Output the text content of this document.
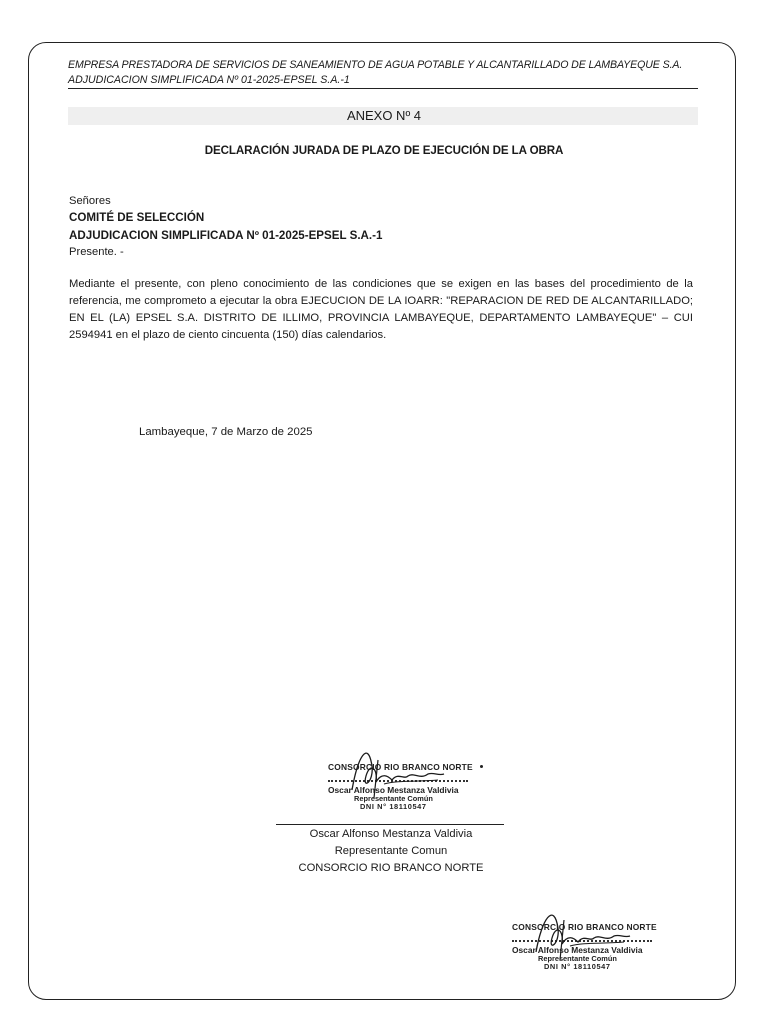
EMPRESA PRESTADORA DE SERVICIOS DE SANEAMIENTO DE AGUA POTABLE Y ALCANTARILLADO DE LAMBAYEQUE S.A.
ADJUDICACION SIMPLIFICADA Nº 01-2025-EPSEL S.A.-1
ANEXO Nº 4
DECLARACIÓN JURADA DE PLAZO DE EJECUCIÓN DE LA OBRA
Señores
COMITÉ DE SELECCIÓN
ADJUDICACION SIMPLIFICADA Nº 01-2025-EPSEL S.A.-1
Presente. -
Mediante el presente, con pleno conocimiento de las condiciones que se exigen en las bases del procedimiento de la referencia, me comprometo a ejecutar la obra EJECUCION DE LA IOARR: "REPARACION DE RED DE ALCANTARILLADO; EN EL (LA) EPSEL S.A. DISTRITO DE ILLIMO, PROVINCIA LAMBAYEQUE, DEPARTAMENTO LAMBAYEQUE" – CUI 2594941 en el plazo de ciento cincuenta (150) días calendarios.
Lambayeque, 7 de Marzo de 2025
CONSORCIO RIO BRANCO NORTE
Oscar Alfonso Mestanza Valdivia
Representante Común
DNI N° 18110547
Oscar Alfonso Mestanza Valdivia
Representante Comun
CONSORCIO RIO BRANCO NORTE
CONSORCIO RIO BRANCO NORTE
Oscar Alfonso Mestanza Valdivia
Representante Común
DNI N° 18110547
